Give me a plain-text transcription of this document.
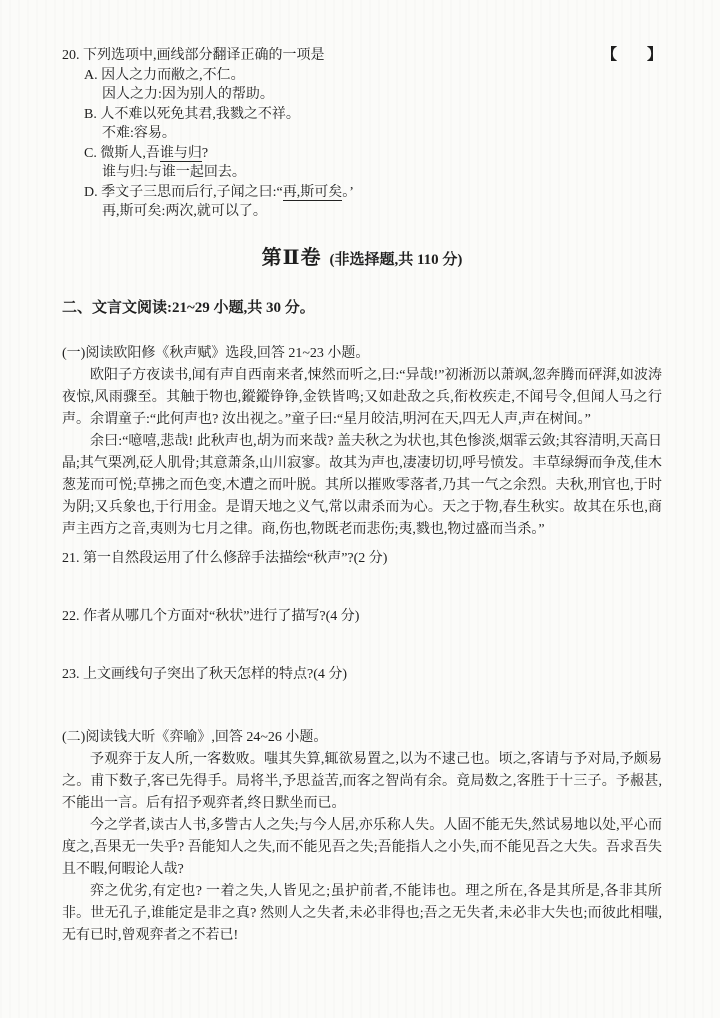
20. 下列选项中,画线部分翻译正确的一项是	【　　】
A. 因人之力而敝之,不仁。
因人之力:因为别人的帮助。
B. 人不难以死免其君,我戮之不祥。
不难:容易。
C. 微斯人,吾谁与归?
谁与归:与谁一起回去。
D. 季文子三思而后行,子闻之曰:“再,斯可矣。’
再,斯可矣:两次,就可以了。
第Ⅱ卷 (非选择题,共 110 分)
二、文言文阅读:21~29 小题,共 30 分。
(一)阅读欧阳修《秋声赋》选段,回答 21~23 小题。

欧阳子方夜读书,闻有声自西南来者,悚然而听之,曰:“异哉!”初淅沥以萧飒,忽奔腾而砰湃,如波涛夜惊,风雨骤至。其触于物也,鏦鏦铮铮,金铁皆鸣;又如赴敌之兵,衔枚疾走,不闻号令,但闻人马之行声。余谓童子:“此何声也? 汝出视之。”童子曰:“星月皎洁,明河在天,四无人声,声在树间。”

余曰:“噫嘻,悲哉! 此秋声也,胡为而来哉? 盖夫秋之为状也,其色惨淡,烟霏云敛;其容清明,天高日晶;其气栗冽,砭人肌骨;其意萧条,山川寂寥。故其为声也,凄凄切切,呼号愤发。丰草绿缛而争茂,佳木葱茏而可悦;草拂之而色变,木遭之而叶脱。其所以摧败零落者,乃其一气之余烈。夫秋,刑官也,于时为阴;又兵象也,于行用金。是谓天地之义气,常以肃杀而为心。天之于物,春生秋实。故其在乐也,商声主西方之音,夷则为七月之律。商,伤也,物既老而悲伤;夷,戮也,物过盛而当杀。”

21. 第一自然段运用了什么修辞手法描绘“秋声”?(2 分)
22. 作者从哪几个方面对“秋状”进行了描写?(4 分)
23. 上文画线句子突出了秋天怎样的特点?(4 分)
(二)阅读钱大昕《弈喻》,回答 24~26 小题。

予观弈于友人所,一客数败。嗤其失算,辄欲易置之,以为不逮己也。顷之,客请与予对局,予颇易之。甫下数子,客已先得手。局将半,予思益苦,而客之智尚有余。竟局数之,客胜于十三子。予赧甚,不能出一言。后有招予观弈者,终日默坐而已。

今之学者,读古人书,多訾古人之失;与今人居,亦乐称人失。人固不能无失,然试易地以处,平心而度之,吾果无一失乎? 吾能知人之失,而不能见吾之失;吾能指人之小失,而不能见吾之大失。吾求吾失且不暇,何暇论人哉?

弈之优劣,有定也? 一着之失,人皆见之;虽护前者,不能讳也。理之所在,各是其所是,各非其所非。世无孔子,谁能定是非之真? 然则人之失者,未必非得也;吾之无失者,未必非大失也;而彼此相嗤,无有已时,曾观弈者之不若已!
